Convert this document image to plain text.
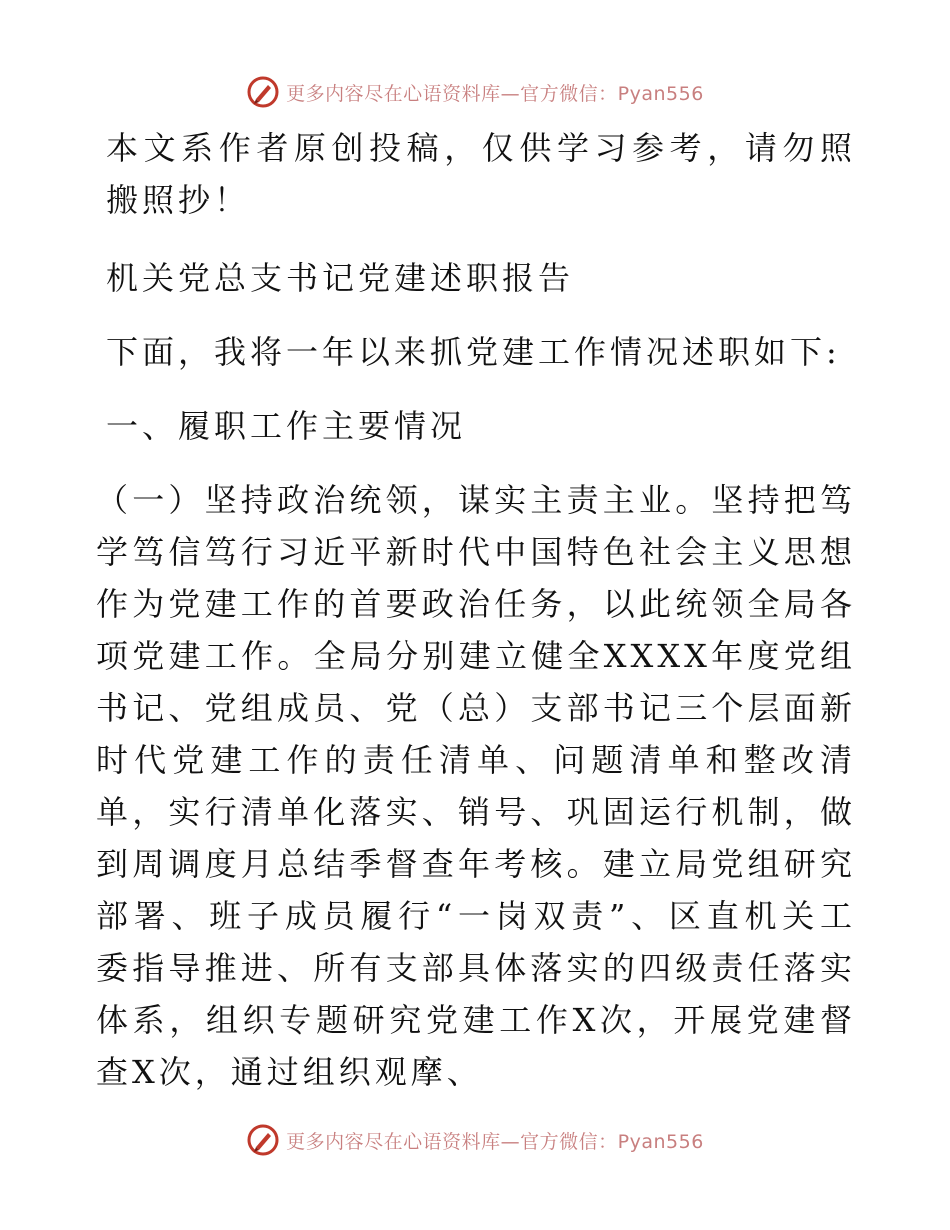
更多内容尽在心语资料库—官方微信：Pyan556

本文系作者原创投稿，仅供学习参考，请勿照搬照抄！

机关党总支书记党建述职报告

下面，我将一年以来抓党建工作情况述职如下:

一、履职工作主要情况

（一）坚持政治统领，谋实主责主业。坚持把笃学笃信笃行习近平新时代中国特色社会主义思想作为党建工作的首要政治任务，以此统领全局各项党建工作。全局分别建立健全XXXX年度党组书记、党组成员、党（总）支部书记三个层面新时代党建工作的责任清单、问题清单和整改清单，实行清单化落实、销号、巩固运行机制，做到周调度月总结季督查年考核。建立局党组研究部署、班子成员履行“一岗双责”、区直机关工委指导推进、所有支部具体落实的四级责任落实体系，组织专题研究党建工作X次，开展党建督查X次，通过组织观摩、

更多内容尽在心语资料库—官方微信：Pyan556
